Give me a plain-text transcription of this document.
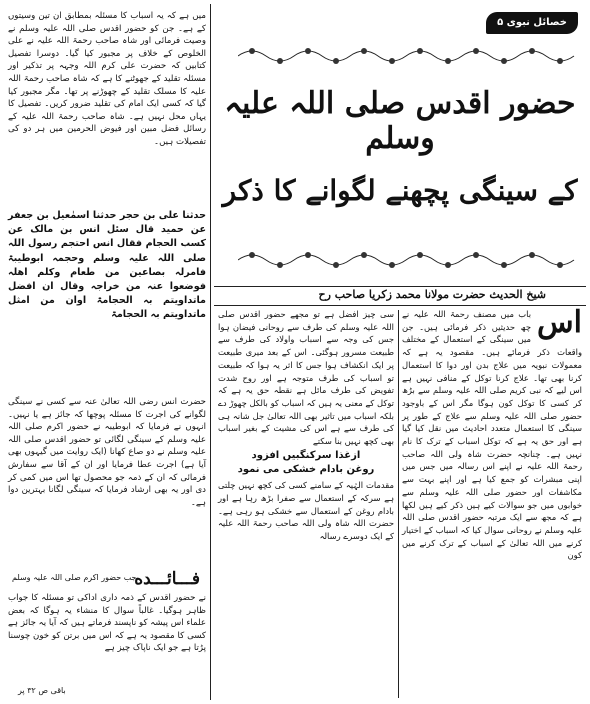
میں ہے کہ یہ اسباب کا مسئلہ بمطابق ان تین وسیتوں کے ہے۔ جن کو حضور اقدس صلی اللہ علیہ وسلم نے وصیت فرمائی اور شاہ صاحب رحمۃ اللہ علیہ نے علی الخلوص کے خلاف پر مجبور کیا گیا۔ دوسرا تفصیل کتابیں کہ حضرت علی کرم اللہ وجہہ پر تذکیر اور مسئلہ تقلید کے جھوٹنے کا ہے کہ شاہ صاحب رحمۃ اللہ علیہ کا مسلک تقلید کے چھوڑنے پر تھا۔ مگر مجبور کیا گیا کہ کسی ایک امام کی تقلید ضرور کریں۔ تفصیل کا یہاں محل نہیں ہے۔ شاہ صاحب رحمۃ اللہ علیہ کے رسائل فضل مبین اور فیوض الحرمین میں ہر دو کی تفصیلات ہیں۔
حدثنا علی بن حجر حدثنا اسمٰعیل بن جعفر عن حمید قال سئل انس بن مالک عن کسب الحجام فقال انس احتجم رسول اللہ صلی اللہ علیہ وسلم وحجمہ ابوطیبۃ فامرلہ بصاعین من طعام وکلم اھلہ فوضعوا عنہ من خراجہ وقال ان افضل ماتداویتم بہ الحجامۃ اوان من امثل ماتداویتم بہ الحجامۃ
حضرت انس رضی اللہ تعالیٰ عنہ سے کسی نے سینگی لگوانے کی اجرت کا مسئلہ پوچھا کہ جائز ہے یا نہیں۔ انہوں نے فرمایا کہ ابوطیبہ نے حضور اکرم صلی اللہ علیہ وسلم کے سینگی لگائی تو حضور اقدس صلی اللہ علیہ وسلم نے دو صاع کھانا (ایک روایت میں گیہوں بھی آیا ہے) اجرت عطا فرمایا اور ان کے آقا سے سفارش فرمائی کہ ان کے ذمہ جو محصول تھا اس میں کمی کر دی اور یہ بھی ارشاد فرمایا کہ سینگی لگانا بہترین دوا ہے۔
فـــائـــده
جب حضور اکرم صلی اللہ علیہ وسلم
نے حضور اقدس کے ذمہ داری اداکی تو مسئلہ کا جواب ظاہر ہوگیا۔ غالباً سوال کا منشاء یہ ہوگا کہ بعض علماء اس پیشہ کو ناپسند فرماتے ہیں کہ آیا یہ جائز ہے کسی کا مقصود یہ ہے کہ اس میں برتن کو خون چوسنا پڑتا ہے جو ایک ناپاک چیز ہے
باقی ص ۳۲ پر
خصائل نبوی ۵
حضور اقدس صلی اللہ علیہ وسلم
کے سینگی پچھنے لگوانے کا ذکر
شیخ الحدیث حضرت مولانا محمد زکریا صاحب رح
اس
باب میں مصنف رحمۃ اللہ علیہ نے چھ حدیثیں ذکر فرمائی ہیں۔ جن میں سینگی کے استعمال کے مختلف واقعات ذکر فرمائے ہیں۔ مقصود یہ ہے کہ معمولات نبویہ میں علاج بدن اور دوا کا استعمال کرنا بھی تھا۔ علاج کرنا توکل کے منافی نہیں ہے اس لیے کہ نبی کریم صلی اللہ علیہ وسلم سے بڑھ کر کسی کا توکل کون ہوگا مگر اس کے باوجود حضور صلی اللہ علیہ وسلم سے علاج کے طور پر سینگی کا استعمال متعدد احادیث میں نقل کیا گیا ہے اور حق یہ ہے کہ توکل اسباب کے ترک کا نام نہیں ہے۔ چنانچہ حضرت شاہ ولی اللہ صاحب رحمۃ اللہ علیہ نے اپنے اس رسالہ میں جس میں اپنی مبشرات کو جمع کیا ہے اور اپنے بہت سے مکاشفات اور حضور صلی اللہ علیہ وسلم سے خوابوں میں جو سوالات کیے ہیں ذکر کیے ہیں لکھا ہے کہ مجھ سے ایک مرتبہ حضور اقدس صلی اللہ علیہ وسلم نے روحانی سوال کیا کہ اسباب کے اختیار کرنے میں اللہ تعالیٰ کے اسباب کے ترک کرنے میں کون
سی چیز افضل ہے تو مجھے حضور اقدس صلی اللہ علیہ وسلم کی طرف سے روحانی فیضان ہوا جس کی وجہ سے اسباب واولاد کی طرف سے طبیعت مسرور ہوگئی۔ اس کے بعد میری طبیعت پر ایک انکشاف ہوا جس کا اثر یہ ہوا کہ طبیعت تو اسباب کی طرف متوجہ ہے اور روح شدت تفویض کی طرف مائل ہے نقطہ حق یہ ہے کہ توکل کے معنی یہ ہیں کہ اسباب کو بالکل چھوڑ دے بلکہ اسباب میں تاثیر بھی اللہ تعالیٰ جل شانہ ہی کی طرف سے ہے اس کی مشیت کے بغیر اسباب بھی کچھ نہیں بنا سکتے
ازغذا سرکنگبیں افزود
روغن بادام خشکی می نمود
مقدمات الہٰیہ کے سامنے کسی کی کچھ نہیں چلتی ہے سرکہ کے استعمال سے صفرا بڑھ رہا ہے اور بادام روغن کے استعمال سے خشکی ہو رہی ہے۔ حضرت اللہ شاہ ولی اللہ صاحب رحمۃ اللہ علیہ کے ایک دوسرے رسالہ
